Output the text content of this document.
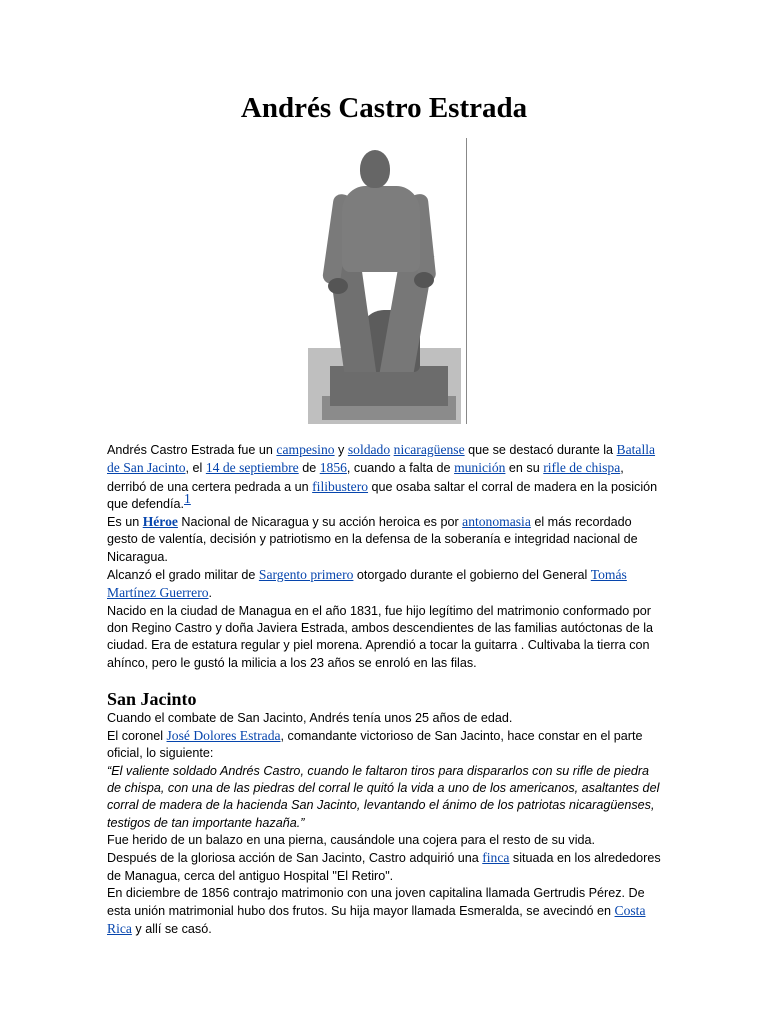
Andrés Castro Estrada

Andrés Castro Estrada fue un campesino y soldado nicaragüense que se destacó durante la Batalla de San Jacinto, el 14 de septiembre de 1856, cuando a falta de munición en su rifle de chispa, derribó de una certera pedrada a un filibustero que osaba saltar el corral de madera en la posición que defendía.$^1$

Es un Héroe Nacional de Nicaragua y su acción heroica es por antonomasia el más recordado gesto de valentía, decisión y patriotismo en la defensa de la soberanía e integridad nacional de Nicaragua.

Alcanzó el grado militar de Sargento primero otorgado durante el gobierno del General Tomás Martínez Guerrero.

Nacido en la ciudad de Managua en el año 1831, fue hijo legítimo del matrimonio conformado por don Regino Castro y doña Javiera Estrada, ambos descendientes de las familias autóctonas de la ciudad. Era de estatura regular y piel morena. Aprendió a tocar la guitarra . Cultivaba la tierra con ahínco, pero le gustó la milicia a los 23 años se enroló en las filas.

San Jacinto

Cuando el combate de San Jacinto, Andrés tenía unos 25 años de edad.

El coronel José Dolores Estrada, comandante victorioso de San Jacinto, hace constar en el parte oficial, lo siguiente:

“El valiente soldado Andrés Castro, cuando le faltaron tiros para dispararlos con su rifle de piedra de chispa, con una de las piedras del corral le quitó la vida a uno de los americanos, asaltantes del corral de madera de la hacienda San Jacinto, levantando el ánimo de los patriotas nicaragüenses, testigos de tan importante hazaña.”

Fue herido de un balazo en una pierna, causándole una cojera para el resto de su vida.

Después de la gloriosa acción de San Jacinto, Castro adquirió una finca situada en los alrededores de Managua, cerca del antiguo Hospital "El Retiro".

En diciembre de 1856 contrajo matrimonio con una joven capitalina llamada Gertrudis Pérez. De esta unión matrimonial hubo dos frutos. Su hija mayor llamada Esmeralda, se avecindó en Costa Rica y allí se casó.
